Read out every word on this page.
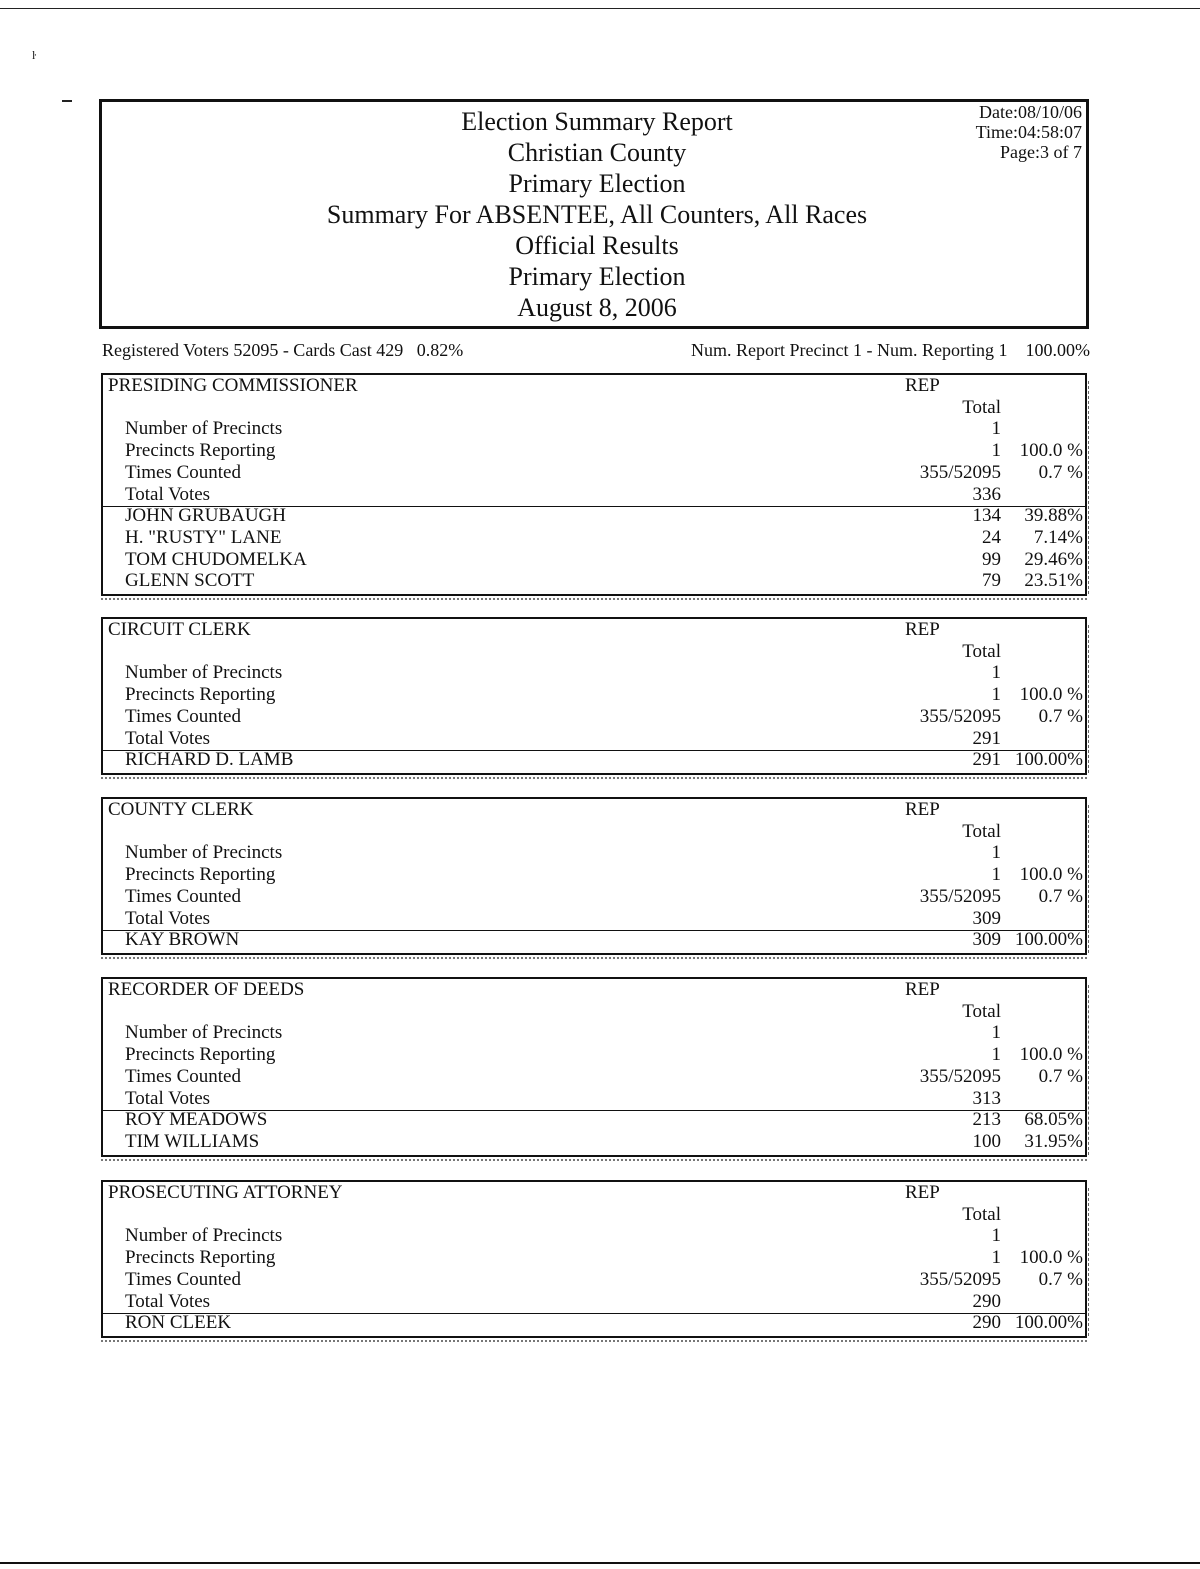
ŀ
Election Summary Report
Christian County
Primary Election
Summary For ABSENTEE, All Counters, All Races
Official Results
Primary Election
August 8, 2006
Date:08/10/06
Time:04:58:07
Page:3 of 7
Registered Voters 52095 - Cards Cast 429   0.82%	Num. Report Precinct 1 - Num. Reporting 1    100.00%
PRESIDING COMMISSIONER	REP
Total
Number of Precincts	1
Precincts Reporting	1 100.0 %
Times Counted	355/52095 0.7 %
Total Votes	336
JOHN GRUBAUGH	134 39.88%
H. "RUSTY" LANE	24 7.14%
TOM CHUDOMELKA	99 29.46%
GLENN SCOTT	79 23.51%
CIRCUIT CLERK	REP
Total
Number of Precincts	1
Precincts Reporting	1 100.0 %
Times Counted	355/52095 0.7 %
Total Votes	291
RICHARD D. LAMB	291 100.00%
COUNTY CLERK	REP
Total
Number of Precincts	1
Precincts Reporting	1 100.0 %
Times Counted	355/52095 0.7 %
Total Votes	309
KAY BROWN	309 100.00%
RECORDER OF DEEDS	REP
Total
Number of Precincts	1
Precincts Reporting	1 100.0 %
Times Counted	355/52095 0.7 %
Total Votes	313
ROY MEADOWS	213 68.05%
TIM WILLIAMS	100 31.95%
PROSECUTING ATTORNEY	REP
Total
Number of Precincts	1
Precincts Reporting	1 100.0 %
Times Counted	355/52095 0.7 %
Total Votes	290
RON CLEEK	290 100.00%
